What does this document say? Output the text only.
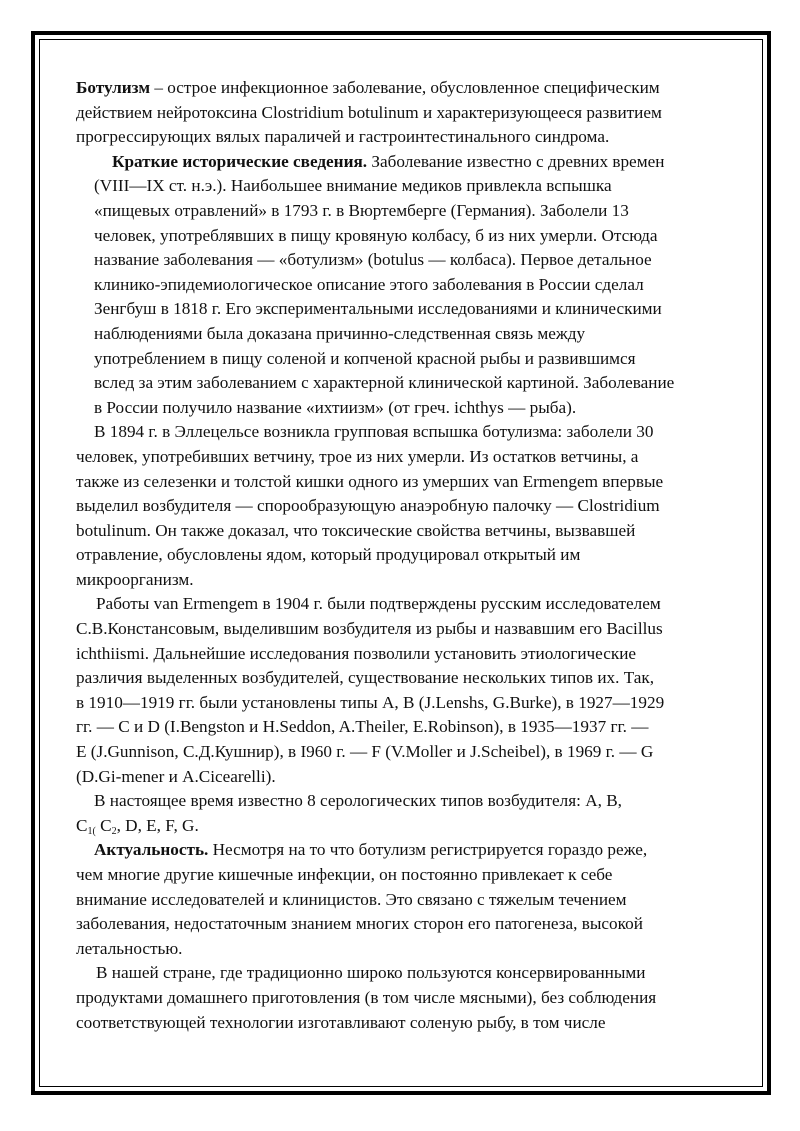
Ботулизм – острое инфекционное заболевание, обусловленное специфическим
действием нейротоксина Clostridium botulinum и характеризующееся развитием
прогрессирующих вялых параличей и гастроинтестинального синдрома.

Краткие исторические сведения. Заболевание известно с древних времен
(VIII—IX ст. н.э.). Наибольшее внимание медиков привлекла вспышка
«пищевых отравлений» в 1793 г. в Вюртемберге (Германия). Заболели 13
человек, употреблявших в пищу кровяную колбасу, б из них умерли. Отсюда
название заболевания — «ботулизм» (botulus — колбаса). Первое детальное
клинико-эпидемиологическое описание этого заболевания в России сделал
Зенгбуш в 1818 г. Его экспериментальными исследованиями и клиническими
наблюдениями была доказана причинно-следственная связь между
употреблением в пищу соленой и копченой красной рыбы и развившимся
вслед за этим заболеванием с характерной клинической картиной. Заболевание
в России получило название «ихтиизм» (от греч. ichthys — рыба).

В 1894 г. в Эллецельсе возникла групповая вспышка ботулизма: заболели 30
человек, употребивших ветчину, трое из них умерли. Из остатков ветчины, а
также из селезенки и толстой кишки одного из умерших van Ermengem впервые
выделил возбудителя — спорообразующую анаэробную палочку — Clostridium
botulinum. Он также доказал, что токсические свойства ветчины, вызвавшей
отравление, обусловлены ядом, который продуцировал открытый им
микроорганизм.

Работы van Ermengem в 1904 г. были подтверждены русским исследователем
С.В.Констансовым, выделившим возбудителя из рыбы и назвавшим его Bacillus
ichthiismi. Дальнейшие исследования позволили установить этиологические
различия выделенных возбудителей, существование нескольких типов их. Так,
в 1910—1919 гг. были установлены типы A, B (J.Lenshs, G.Burke), в 1927—1929
гг. — С и D (I.Bengston и H.Seddon, A.Theiler, E.Robinson), в 1935—1937 гг. —
E (J.Gunnison, С.Д.Кушнир), в I960 г. — F (V.Moller и J.Scheibel), в 1969 г. — G
(D.Gi-mener и A.Cicearelli).

В настоящее время известно 8 серологических типов возбудителя: А, В,
$C_{1(}$ $C_2$, D, E, F, G.

Актуальность. Несмотря на то что ботулизм регистрируется гораздо реже,
чем многие другие кишечные инфекции, он постоянно привлекает к себе
внимание исследователей и клиницистов. Это связано с тяжелым течением
заболевания, недостаточным знанием многих сторон его патогенеза, высокой
летальностью.

В нашей стране, где традиционно широко пользуются консервированными
продуктами домашнего приготовления (в том числе мясными), без соблюдения
соответствующей технологии изготавливают соленую рыбу, в том числе
